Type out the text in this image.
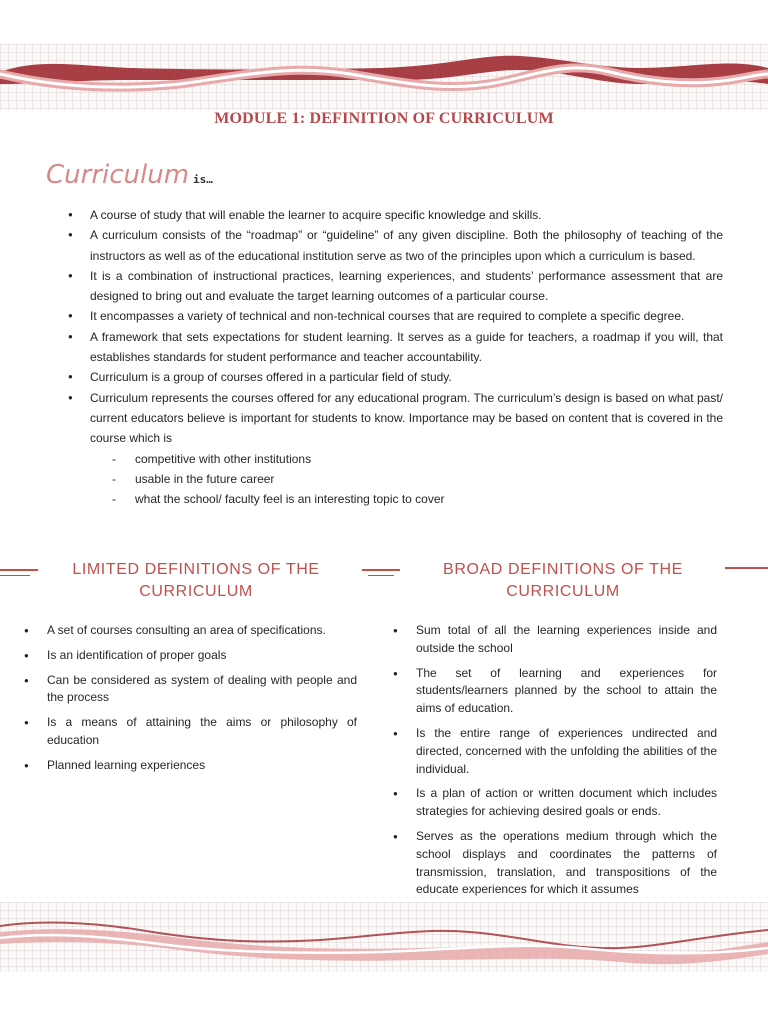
MODULE 1: DEFINITION OF CURRICULUM
Curriculum is…
● A course of study that will enable the learner to acquire specific knowledge and skills.
● A curriculum consists of the “roadmap” or “guideline” of any given discipline. Both the philosophy of teaching of the instructors as well as of the educational institution serve as two of the principles upon which a curriculum is based.
● It is a combination of instructional practices, learning experiences, and students’ performance assessment that are designed to bring out and evaluate the target learning outcomes of a particular course.
● It encompasses a variety of technical and non-technical courses that are required to complete a specific degree.
● A framework that sets expectations for student learning. It serves as a guide for teachers, a roadmap if you will, that establishes standards for student performance and teacher accountability.
● Curriculum is a group of courses offered in a particular field of study.
● Curriculum represents the courses offered for any educational program. The curriculum’s design is based on what past/ current educators believe is important for students to know. Importance may be based on content that is covered in the course which is
- competitive with other institutions
- usable in the future career
- what the school/ faculty feel is an interesting topic to cover
LIMITED DEFINITIONS OF THE CURRICULUM
BROAD DEFINITIONS OF THE CURRICULUM
● A set of courses consulting an area of specifications.
● Is an identification of proper goals
● Can be considered as system of dealing with people and the process
● Is a means of attaining the aims or philosophy of education
● Planned learning experiences
● Sum total of all the learning experiences inside and outside the school
● The set of learning and experiences for students/learners planned by the school to attain the aims of education.
● Is the entire range of experiences undirected and directed, concerned with the unfolding the abilities of the individual.
● Is a plan of action or written document which includes strategies for achieving desired goals or ends.
● Serves as the operations medium through which the school displays and coordinates the patterns of transmission, translation, and transpositions of the educate experiences for which it assumes
